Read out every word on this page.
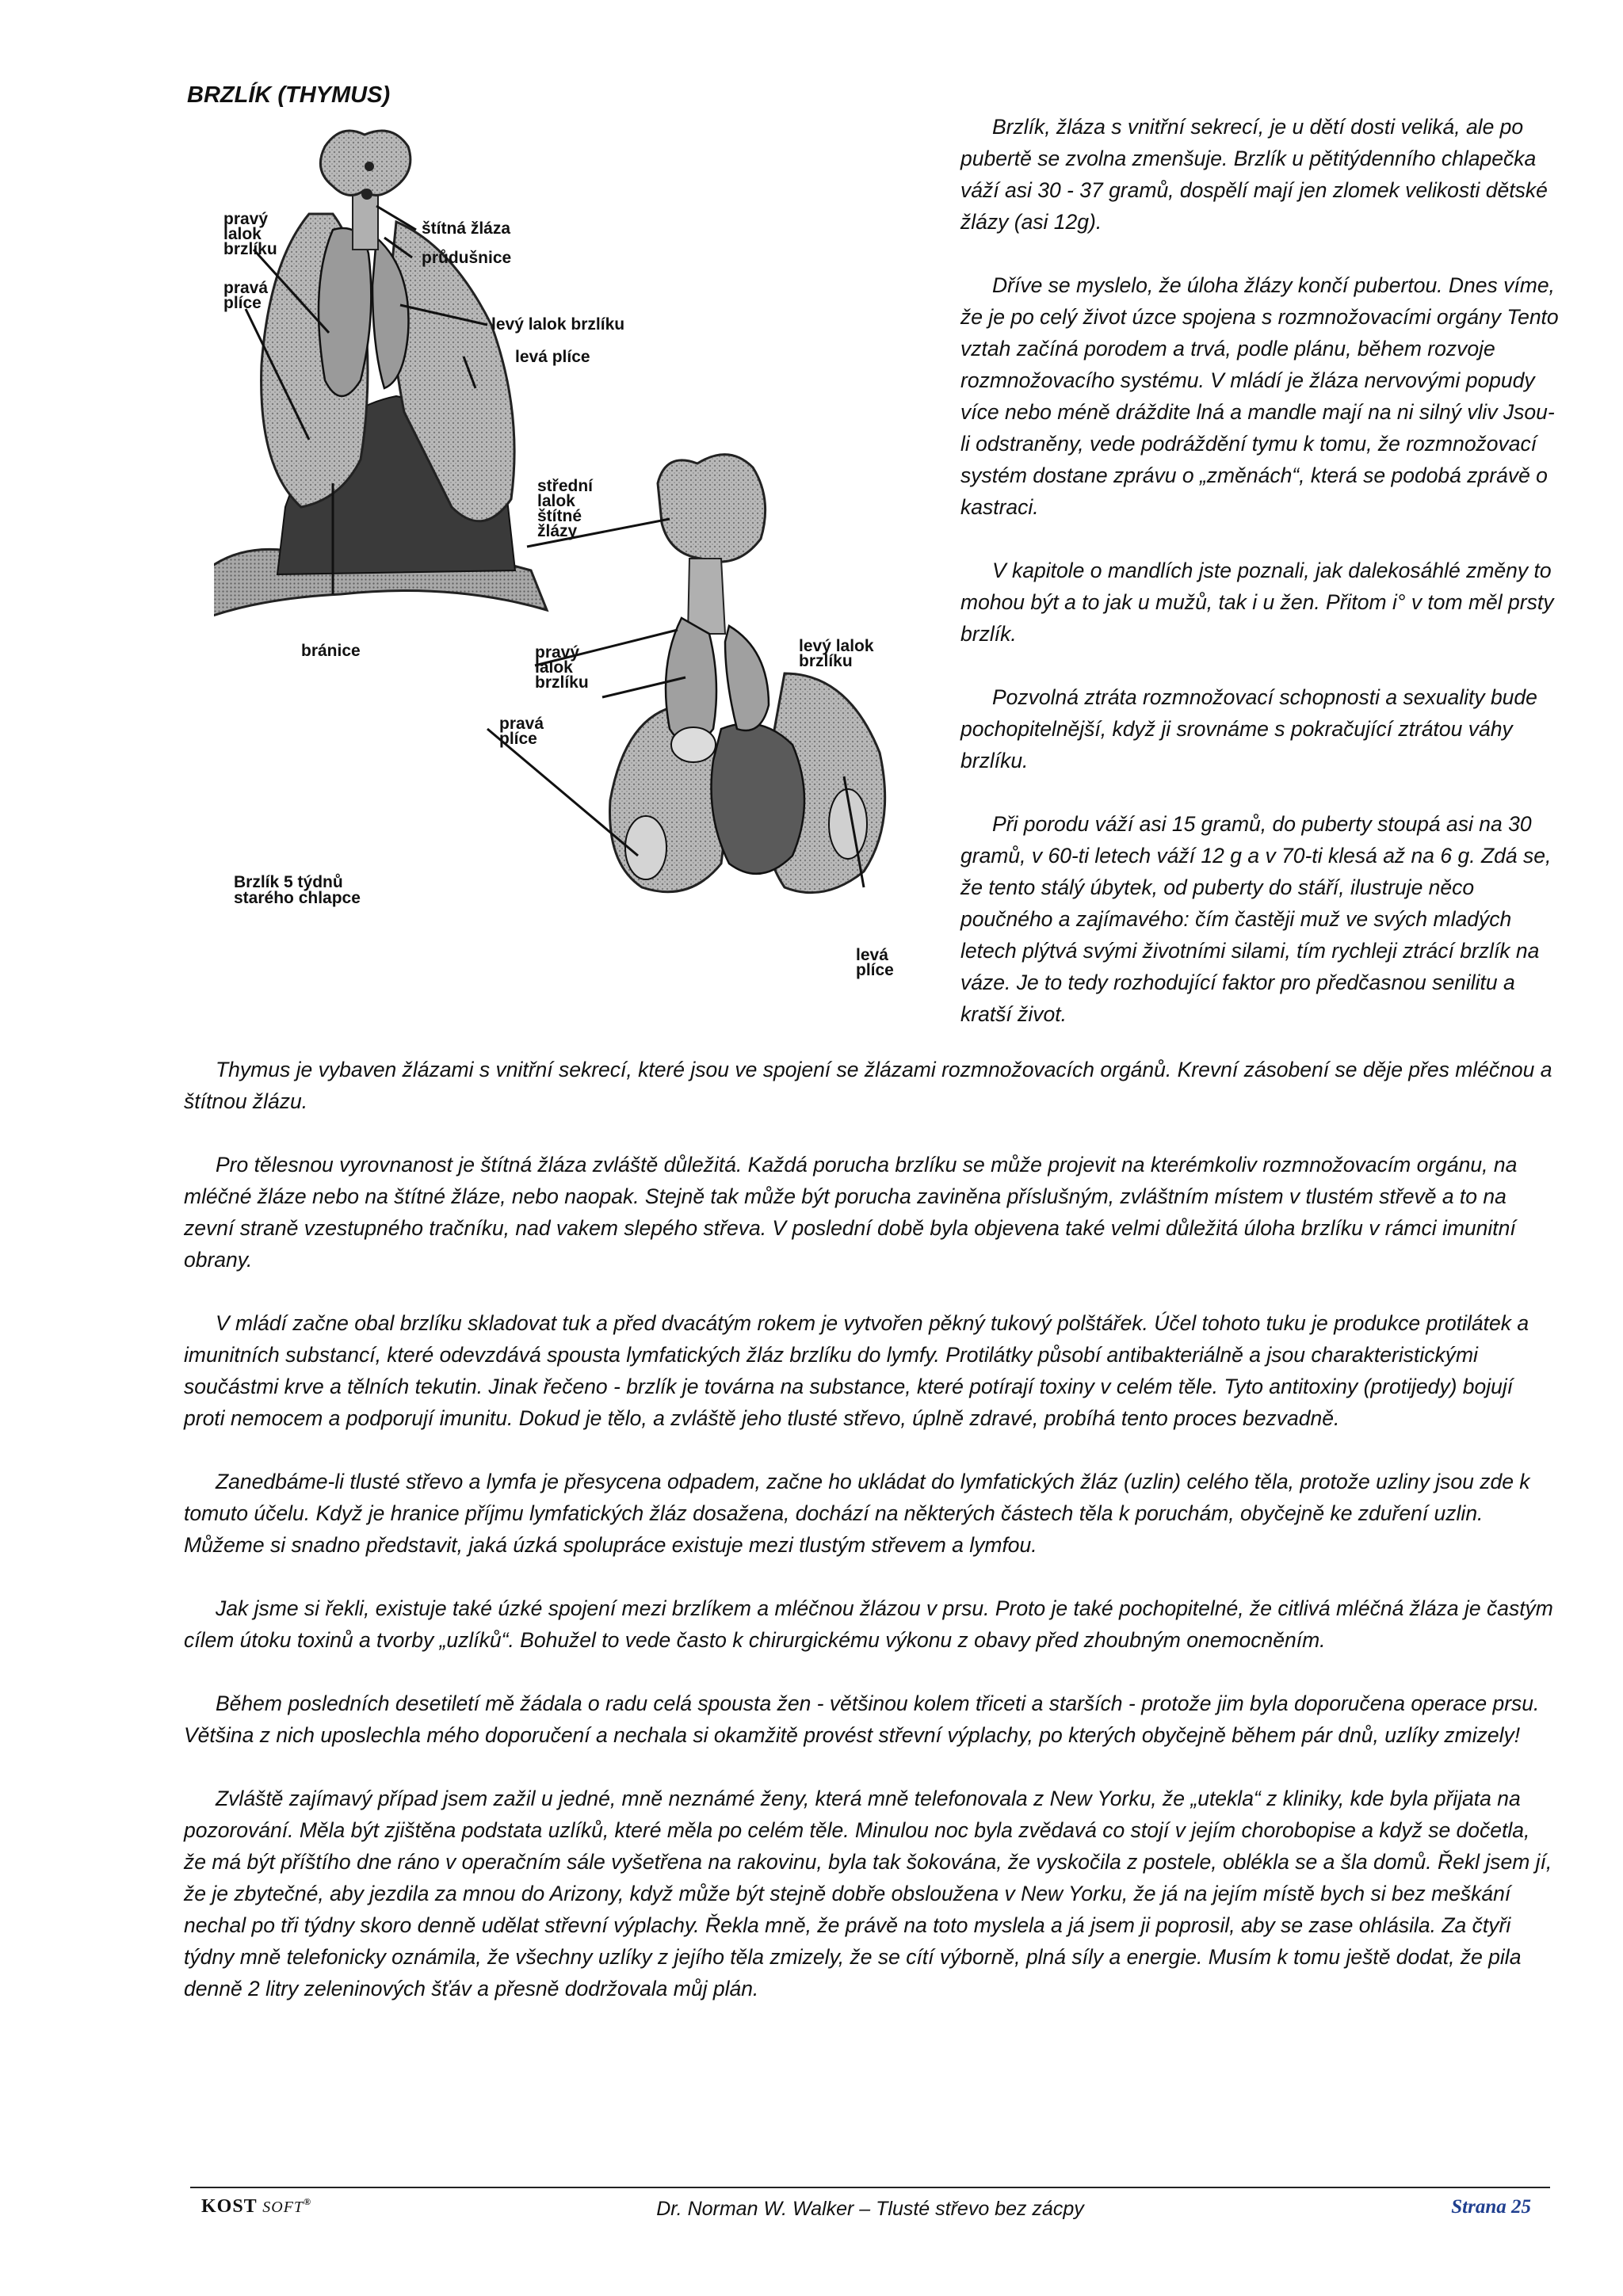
BRZLÍK (THYMUS)
pravý lalok brzlíku
štítná žláza
průdušnice
pravá plíce
levý lalok brzlíku
levá plíce
bránice
střední lalok štítné žlázy
pravý lalok brzlíku
levý lalok brzlíku
pravá plíce
Brzlík 5 týdnů starého chlapce
levá plíce

Brzlík, žláza s vnitřní sekrecí, je u dětí dosti veliká, ale po pubertě se zvolna zmenšuje. Brzlík u pětitýdenního chlapečka váží asi 30 - 37 gramů, dospělí mají jen zlomek velikosti dětské žlázy (asi 12g).

Dříve se myslelo, že úloha žlázy končí pubertou. Dnes víme, že je po celý život úzce spojena s rozmnožovacími orgány Tento vztah začíná porodem a trvá, podle plánu, během rozvoje rozmnožovacího systému. V mládí je žláza nervovými popudy více nebo méně dráždite lná a mandle mají na ni silný vliv Jsou-li odstraněny, vede podráždění tymu k tomu, že rozmnožovací systém dostane zprávu o „změnách“, která se podobá zprávě o kastraci.

V kapitole o mandlích jste poznali, jak dalekosáhlé změny to mohou být a to jak u mužů, tak i u žen. Přitom i° v tom měl prsty brzlík.

Pozvolná ztráta rozmnožovací schopnosti a sexuality bude pochopitelnější, když ji srovnáme s pokračující ztrátou váhy brzlíku.

Při porodu váží asi 15 gramů, do puberty stoupá asi na 30 gramů, v 60-ti letech váží 12 g a v 70-ti klesá až na 6 g. Zdá se, že tento stálý úbytek, od puberty do stáří, ilustruje něco poučného a zajímavého: čím častěji muž ve svých mladých letech plýtvá svými životními silami, tím rychleji ztrácí brzlík na váze. Je to tedy rozhodující faktor pro předčasnou senilitu a kratší život.

Thymus je vybaven žlázami s vnitřní sekrecí, které jsou ve spojení se žlázami rozmnožovacích orgánů. Krevní zásobení se děje přes mléčnou a štítnou žlázu.

Pro tělesnou vyrovnanost je štítná žláza zvláště důležitá. Každá porucha brzlíku se může projevit na kterémkoliv rozmnožovacím orgánu, na mléčné žláze nebo na štítné žláze, nebo naopak. Stejně tak může být porucha zaviněna příslušným, zvláštním místem v tlustém střevě a to na zevní straně vzestupného tračníku, nad vakem slepého střeva. V poslední době byla objevena také velmi důležitá úloha brzlíku v rámci imunitní obrany.

V mládí začne obal brzlíku skladovat tuk a před dvacátým rokem je vytvořen pěkný tukový polštářek. Účel tohoto tuku je produkce protilátek a imunitních substancí, které odevzdává spousta lymfatických žláz brzlíku do lymfy. Protilátky působí antibakteriálně a jsou charakteristickými součástmi krve a tělních tekutin. Jinak řečeno - brzlík je továrna na substance, které potírají toxiny v celém těle. Tyto antitoxiny (protijedy) bojují proti nemocem a podporují imunitu. Dokud je tělo, a zvláště jeho tlusté střevo, úplně zdravé, probíhá tento proces bezvadně.

Zanedbáme-li tlusté střevo a lymfa je přesycena odpadem, začne ho ukládat do lymfatických žláz (uzlin) celého těla, protože uzliny jsou zde k tomuto účelu. Když je hranice příjmu lymfatických žláz dosažena, dochází na některých částech těla k poruchám, obyčejně ke zduření uzlin. Můžeme si snadno představit, jaká úzká spolupráce existuje mezi tlustým střevem a lymfou.

Jak jsme si řekli, existuje také úzké spojení mezi brzlíkem a mléčnou žlázou v prsu. Proto je také pochopitelné, že citlivá mléčná žláza je častým cílem útoku toxinů a tvorby „uzlíků“. Bohužel to vede často k chirurgickému výkonu z obavy před zhoubným onemocněním.

Během posledních desetiletí mě žádala o radu celá spousta žen - většinou kolem třiceti a starších - protože jim byla doporučena operace prsu. Většina z nich uposlechla mého doporučení a nechala si okamžitě provést střevní výplachy, po kterých obyčejně během pár dnů, uzlíky zmizely!

Zvláště zajímavý případ jsem zažil u jedné, mně neznámé ženy, která mně telefonovala z New Yorku, že „utekla“ z kliniky, kde byla přijata na pozorování. Měla být zjištěna podstata uzlíků, které měla po celém těle. Minulou noc byla zvědavá co stojí v jejím chorobopise a když se dočetla, že má být příštího dne ráno v operačním sále vyšetřena na rakovinu, byla tak šokována, že vyskočila z postele, oblékla se a šla domů. Řekl jsem jí, že je zbytečné, aby jezdila za mnou do Arizony, když může být stejně dobře obsloužena v New Yorku, že já na jejím místě bych si bez meškání nechal po tři týdny skoro denně udělat střevní výplachy. Řekla mně, že právě na toto myslela a já jsem ji poprosil, aby se zase ohlásila. Za čtyři týdny mně telefonicky oznámila, že všechny uzlíky z jejího těla zmizely, že se cítí výborně, plná síly a energie. Musím k tomu ještě dodat, že pila denně 2 litry zeleninových šťáv a přesně dodržovala můj plán.

KOST SOFT®	Dr. Norman W. Walker – Tlusté střevo bez zácpy	Strana 25
